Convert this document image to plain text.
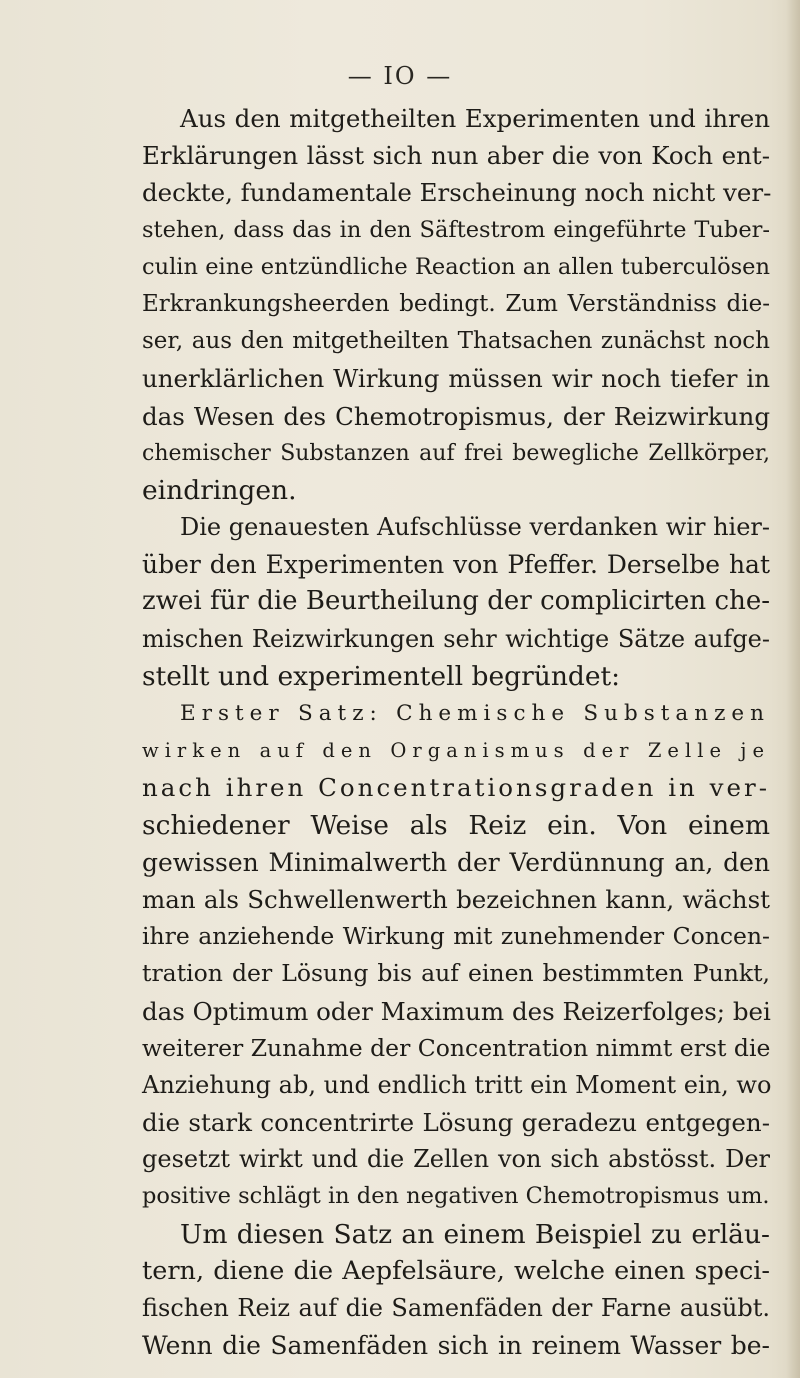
— IO —
Aus den mitgetheilten Experimenten und ihren
Erklärungen lässt sich nun aber die von Koch ent-
deckte, fundamentale Erscheinung noch nicht ver-
stehen, dass das in den Säftestrom eingeführte Tuber-
culin eine entzündliche Reaction an allen tuberculösen
Erkrankungsheerden bedingt. Zum Verständniss die-
ser, aus den mitgetheilten Thatsachen zunächst noch
unerklärlichen Wirkung müssen wir noch tiefer in
das Wesen des Chemotropismus, der Reizwirkung
chemischer Substanzen auf frei bewegliche Zellkörper,
eindringen.
Die genauesten Aufschlüsse verdanken wir hier-
über den Experimenten von Pfeffer. Derselbe hat
zwei für die Beurtheilung der complicirten che-
mischen Reizwirkungen sehr wichtige Sätze aufge-
stellt und experimentell begründet:
Erster Satz: Chemische Substanzen
wirken auf den Organismus der Zelle je
nach ihren Concentrationsgraden in ver-
schiedener Weise als Reiz ein. Von einem
gewissen Minimalwerth der Verdünnung an, den
man als Schwellenwerth bezeichnen kann, wächst
ihre anziehende Wirkung mit zunehmender Concen-
tration der Lösung bis auf einen bestimmten Punkt,
das Optimum oder Maximum des Reizerfolges; bei
weiterer Zunahme der Concentration nimmt erst die
Anziehung ab, und endlich tritt ein Moment ein, wo
die stark concentrirte Lösung geradezu entgegen-
gesetzt wirkt und die Zellen von sich abstösst. Der
positive schlägt in den negativen Chemotropismus um.
Um diesen Satz an einem Beispiel zu erläu-
tern, diene die Aepfelsäure, welche einen speci-
fischen Reiz auf die Samenfäden der Farne ausübt.
Wenn die Samenfäden sich in reinem Wasser be-
